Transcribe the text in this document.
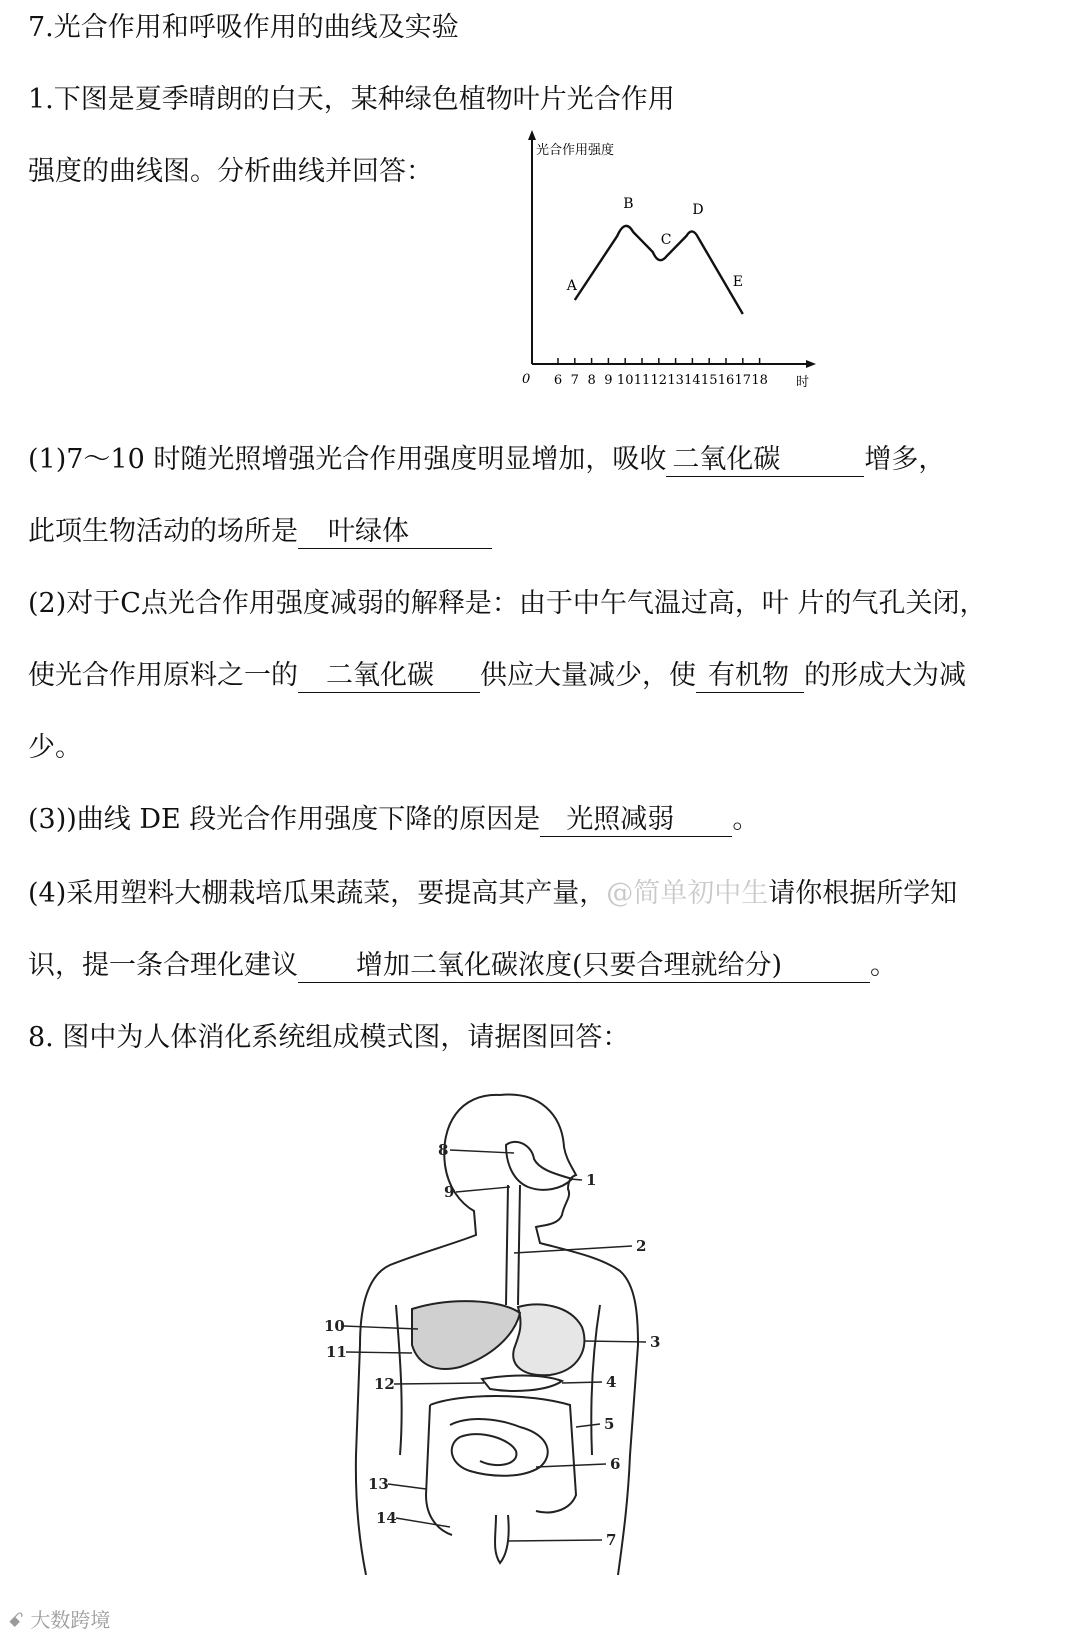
7.光合作用和呼吸作用的曲线及实验
1.下图是夏季晴朗的白天，某种绿色植物叶片光合作用
强度的曲线图。分析曲线并回答：
光合作用强度
时
0 6 7 8 9 10 11 12 13 14 15 16 17 18
A
B
C
D
E
(1)7～10 时随光照增强光合作用强度明显增加，吸收 二氧化碳	增多，
此项生物活动的场所是 叶绿体
(2)对于C点光合作用强度减弱的解释是：由于中午气温过高，叶 片的气孔关闭，
使光合作用原料之一的 二氧化碳 供应大量减少，使 有机物 的形成大为减
少。
(3))曲线 DE 段光合作用强度下降的原因是 光照减弱 。
(4)采用塑料大棚栽培瓜果蔬菜，要提高其产量，@简单初中生请你根据所学知
识，提一条合理化建议 增加二氧化碳浓度(只要合理就给分)	。
8. 图中为人体消化系统组成模式图，请据图回答：
1
2
3
4
5
6
7
8
9
10
11
12
13
14
ꗃ 大数跨境
